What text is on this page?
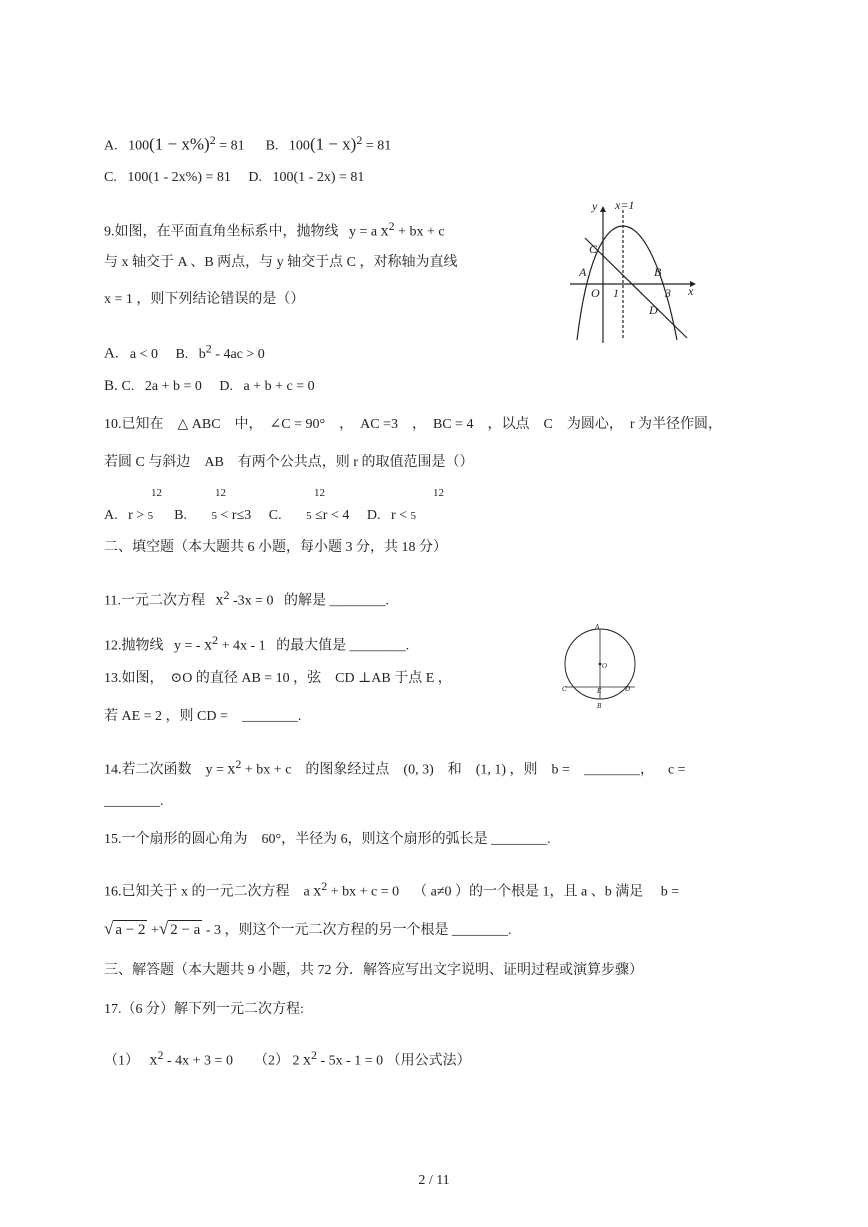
A.   $100(1 - x\%)^2 = 81$      B.   $100(1 - x)^2 = 81$
C.   100(1 - 2x%) = 81     D.   100(1 - 2x) = 81
9.如图，在平面直角坐标系中，抛物线   y = a $x^2$ + bx + c
与 x 轴交于 A 、B 两点，与 y 轴交于点 C ，对称轴为直线
x = 1 ，则下列结论错误的是（）
A.   a < 0     B.   $b^2 - 4ac > 0$
B. C.   2a + b = 0     D.   a + b + c = 0
y x=1
C
A
O 1
B
3 x
D
10.已知在　△ ABC　中，　∠C = 90°　，　AC =3　，　BC = 4　，以点　C　为圆心，　r 为半径作圆，
若圆 C 与斜边　AB　有两个公共点，则 r 的取值范围是（）
A.   r > 5      B.       5 < r≤3     C.       5 ≤r < 4     D.   r < 5
12	12	12	12
二、填空题（本大题共 6 小题，每小题 3 分，共 18 分）
11.一元二次方程   $x^2$ -3x = 0   的解是 ________.
12.抛物线   y = - $x^2 + 4x - 1$   的最大值是 ________.
13.如图，　⊙O 的直径 AB = 10 ，弦　CD ⊥AB 于点 E ，
若 AE = 2 ，则 CD =　________.
A
O
C	E	D
B
14.若二次函数    $y = x^2$ + bx + c    的图象经过点    (0, 3)    和    (1, 1) ，则    b =    ________，    c =
________.
15.一个扇形的圆心角为　60°，半径为 6，则这个扇形的弧长是 ________.
16.已知关于 x 的一元二次方程    a $x^2$ + bx + c = 0    （ a≠0 ）的一个根是 1，且 a 、b 满足     b =
√ a − 2 +√ 2 − a - 3 ，则这个一元二次方程的另一个根是 ________.
三、解答题（本大题共 9 小题，共 72 分．解答应写出文字说明、证明过程或演算步骤）
17.（6 分）解下列一元二次方程:
（1）   $x^2 - 4x + 3 = 0$      （2） 2 $x^2 - 5x - 1 = 0$ （用公式法）
2 / 11
